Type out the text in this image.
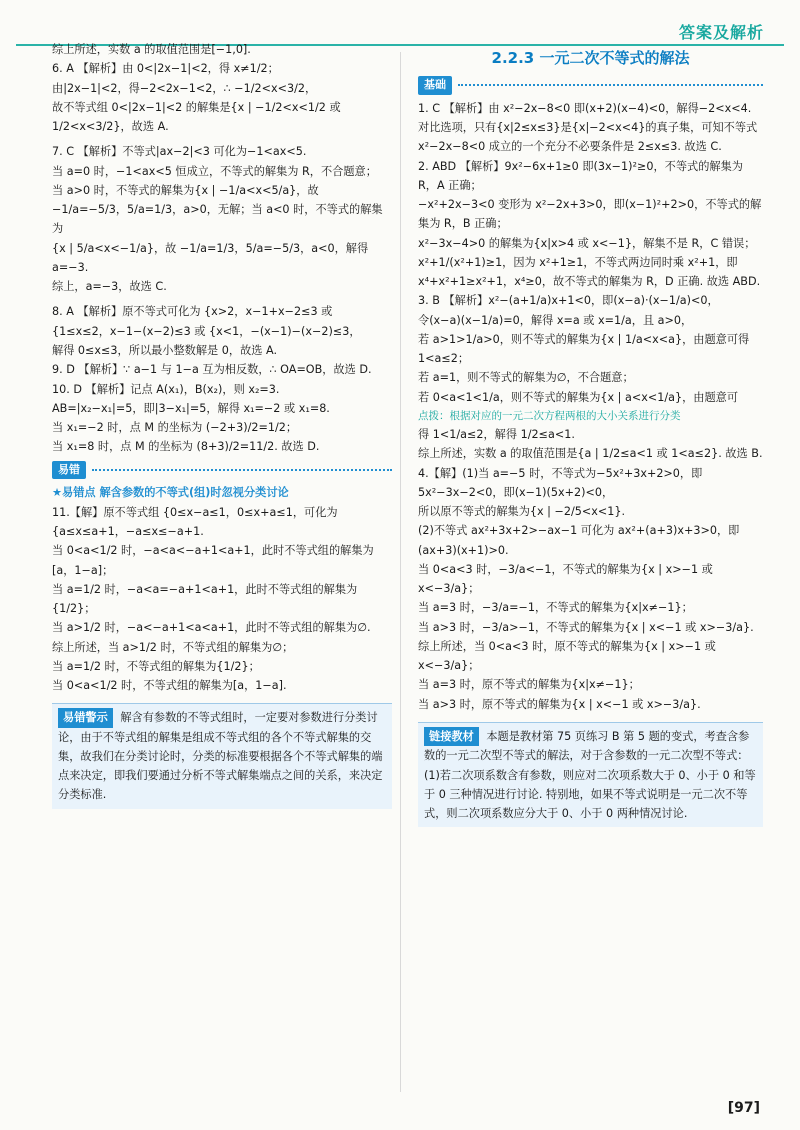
答案及解析

综上所述，实数 a 的取值范围是[−1,0].

6. A 【解析】由 0<|2x−1|<2，得 x≠1/2；

由|2x−1|<2，得−2<2x−1<2，∴ −1/2<x<3/2，

故不等式组 0<|2x−1|<2 的解集是{x | −1/2<x<1/2 或 1/2<x<3/2}，故选 A.

7. C 【解析】不等式|ax−2|<3 可化为−1<ax<5.

当 a=0 时，−1<ax<5 恒成立，不等式的解集为 R，不合题意；

当 a>0 时，不等式的解集为{x | −1/a<x<5/a}，故 −1/a=−5/3，5/a=1/3，a>0，无解；当 a<0 时，不等式的解集为

{x | 5/a<x<−1/a}，故 −1/a=1/3，5/a=−5/3，a<0，解得 a=−3.

综上，a=−3，故选 C.

8. A 【解析】原不等式可化为 {x>2，x−1+x−2≤3 或 {1≤x≤2，x−1−(x−2)≤3 或 {x<1，−(x−1)−(x−2)≤3，

解得 0≤x≤3，所以最小整数解是 0，故选 A.

9. D 【解析】∵ a−1 与 1−a 互为相反数，∴ OA=OB，故选 D.

10. D 【解析】记点 A(x₁)，B(x₂)，则 x₂=3.

AB=|x₂−x₁|=5，即|3−x₁|=5，解得 x₁=−2 或 x₁=8.

当 x₁=−2 时，点 M 的坐标为 (−2+3)/2=1/2；

当 x₁=8 时，点 M 的坐标为 (8+3)/2=11/2. 故选 D.

易错

★易错点 解含参数的不等式(组)时忽视分类讨论

11.【解】原不等式组 {0≤x−a≤1，0≤x+a≤1，可化为 {a≤x≤a+1，−a≤x≤−a+1.

当 0<a<1/2 时，−a<a<−a+1<a+1，此时不等式组的解集为 [a，1−a]；

当 a=1/2 时，−a<a=−a+1<a+1，此时不等式组的解集为 {1/2}；

当 a>1/2 时，−a<−a+1<a<a+1，此时不等式组的解集为∅.

综上所述，当 a>1/2 时，不等式组的解集为∅；

当 a=1/2 时，不等式组的解集为{1/2}；

当 0<a<1/2 时，不等式组的解集为[a，1−a].

易错警示 解含有参数的不等式组时，一定要对参数进行分类讨论，由于不等式组的解集是组成不等式组的各个不等式解集的交集，故我们在分类讨论时，分类的标准要根据各个不等式解集的端点来决定，即我们要通过分析不等式解集端点之间的关系，来决定分类标准.
2.2.3 一元二次不等式的解法
基础

1. C 【解析】由 x²−2x−8<0 即(x+2)(x−4)<0，解得−2<x<4. 对比选项，只有{x|2≤x≤3}是{x|−2<x<4}的真子集，可知不等式 x²−2x−8<0 成立的一个充分不必要条件是 2≤x≤3. 故选 C.

2. ABD 【解析】9x²−6x+1≥0 即(3x−1)²≥0，不等式的解集为 R，A 正确；

−x²+2x−3<0 变形为 x²−2x+3>0，即(x−1)²+2>0，不等式的解集为 R，B 正确；

x²−3x−4>0 的解集为{x|x>4 或 x<−1}，解集不是 R，C 错误；

x²+1/(x²+1)≥1，因为 x²+1≥1，不等式两边同时乘 x²+1，即 x⁴+x²+1≥x²+1，x⁴≥0，故不等式的解集为 R，D 正确. 故选 ABD.

3. B 【解析】x²−(a+1/a)x+1<0，即(x−a)·(x−1/a)<0，

令(x−a)(x−1/a)=0，解得 x=a 或 x=1/a，且 a>0，

若 a>1>1/a>0，则不等式的解集为{x | 1/a<x<a}，由题意可得 1<a≤2；

若 a=1，则不等式的解集为∅，不合题意；

若 0<a<1<1/a，则不等式的解集为{x | a<x<1/a}，由题意可

点拨：根据对应的一元二次方程两根的大小关系进行分类

得 1<1/a≤2，解得 1/2≤a<1.

综上所述，实数 a 的取值范围是{a | 1/2≤a<1 或 1<a≤2}. 故选 B.

4.【解】(1)当 a=−5 时，不等式为−5x²+3x+2>0，即 5x²−3x−2<0，即(x−1)(5x+2)<0，

所以原不等式的解集为{x | −2/5<x<1}.

(2)不等式 ax²+3x+2>−ax−1 可化为 ax²+(a+3)x+3>0，即(ax+3)(x+1)>0.

当 0<a<3 时，−3/a<−1，不等式的解集为{x | x>−1 或 x<−3/a}；

当 a=3 时，−3/a=−1，不等式的解集为{x|x≠−1}；

当 a>3 时，−3/a>−1，不等式的解集为{x | x<−1 或 x>−3/a}.

综上所述，当 0<a<3 时，原不等式的解集为{x | x>−1 或 x<−3/a}；

当 a=3 时，原不等式的解集为{x|x≠−1}；

当 a>3 时，原不等式的解集为{x | x<−1 或 x>−3/a}.

链接教材 本题是教材第 75 页练习 B 第 5 题的变式，考查含参数的一元二次型不等式的解法，对于含参数的一元二次型不等式：(1)若二次项系数含有参数，则应对二次项系数大于 0、小于 0 和等于 0 三种情况进行讨论. 特别地，如果不等式说明是一元二次不等式，则二次项系数应分大于 0、小于 0 两种情况讨论.
[97]
